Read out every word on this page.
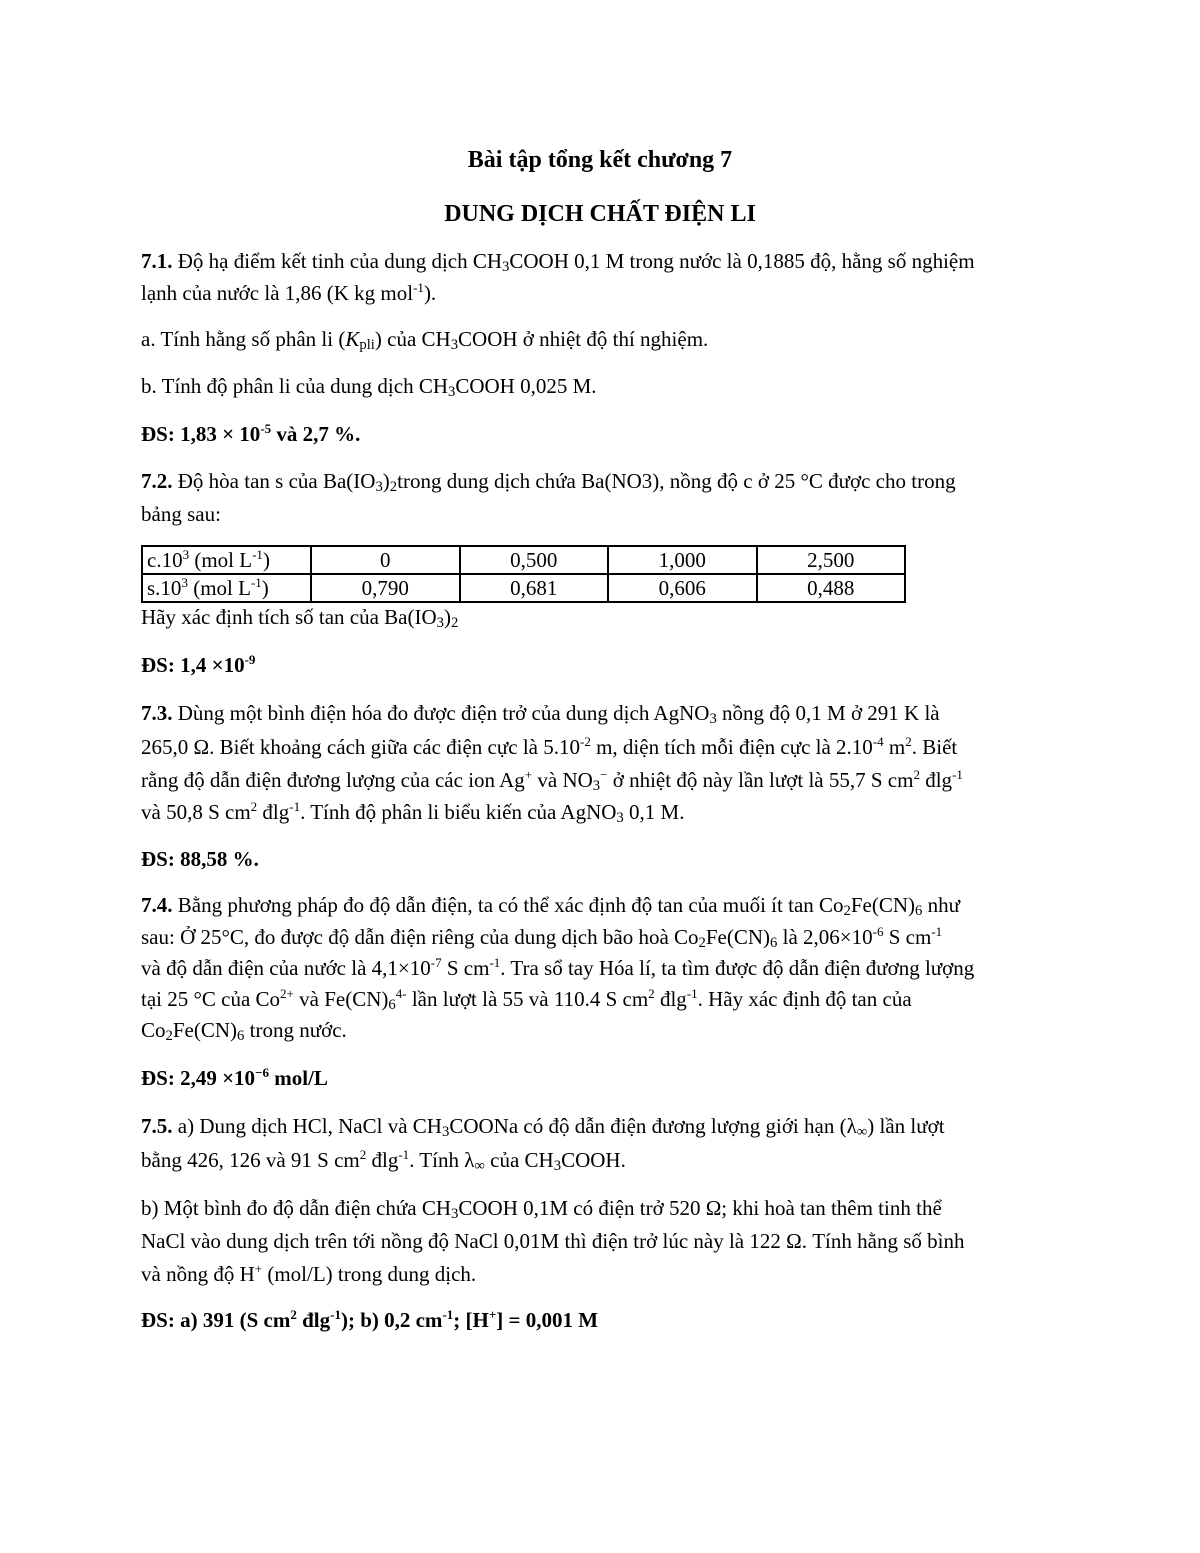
Bài tập tổng kết chương 7
DUNG DỊCH CHẤT ĐIỆN LI
7.1. Độ hạ điểm kết tinh của dung dịch $CH_3COOH$ 0,1 M trong nước là 0,1885 độ, hằng số nghiệm
lạnh của nước là 1,86 (K kg mol$^{-1}$).
a. Tính hằng số phân li $(K_{pli})$ của $CH_3COOH$ ở nhiệt độ thí nghiệm.
b. Tính độ phân li của dung dịch $CH_3COOH$ 0,025 M.
ĐS: $1,83 \times 10^{-5}$ và 2,7 %.
7.2. Độ hòa tan s của $Ba(IO_3)_2trong$ dung dịch chứa Ba(NO3), nồng độ c ở 25 °C được cho trong
bảng sau:
$c.10^3$ (mol $L^{-1}$)	0	0,500	1,000	2,500
$s.10^3$ (mol $L^{-1}$)	0,790	0,681	0,606	0,488
Hãy xác định tích số tan của $Ba(IO_3)_2$
ĐS: $1,4 \times 10^{-9}$
7.3. Dùng một bình điện hóa đo được điện trở của dung dịch AgNO$_3$ nồng độ 0,1 M ở 291 K là
265,0 Ω. Biết khoảng cách giữa các điện cực là $5.10^{-2}$ m, diện tích mỗi điện cực là $2.10^{-4}$ $m^2$. Biết
rằng độ dẫn điện đương lượng của các ion Ag+ và $NO_3^-$ ở nhiệt độ này lần lượt là 55,7 S $cm^2$ đlg$^{-1}$
và 50,8 S $cm^2$ đlg$^{-1}$. Tính độ phân li biểu kiến của AgNO$_3$ 0,1 M.
ĐS: 88,58 %.
7.4. Bằng phương pháp đo độ dẫn điện, ta có thể xác định độ tan của muối ít $\tan Co_2Fe(CN)_6$ như
sau: Ở 25°C, đo được độ dẫn điện riêng của dung dịch bão hoà $Co_2Fe(CN)_6$ là $2,06\times 10^{-6}$ S $cm^{-1}$
và độ dẫn điện của nước là $4,1\times 10^{-7}$ S $cm^{-1}$. Tra sổ tay Hóa lí, ta tìm được độ dẫn điện đương lượng
tại 25 °C của $Co^{2+}$ và $Fe(CN)_6^{4-}$ lần lượt là 55 và 110.4 S $cm^2$ đlg$^{-1}$. Hãy xác định độ tan của
$Co_2Fe(CN)_6$ trong nước.
ĐS: $2,49 \times 10^{-6}$ mol/L
7.5. a) Dung dịch HCl, NaCl và $CH_3COONa$ có độ dẫn điện đương lượng giới hạn $(\lambda_\infty)$ lần lượt
bằng 426, 126 và 91 S $cm^2$ đlg$^{-1}$. Tính $\lambda_\infty$ của $CH_3COOH$.
b) Một bình đo độ dẫn điện chứa $CH_3COOH$ 0,1M có điện trở 520 Ω; khi hoà tan thêm tinh thể
NaCl vào dung dịch trên tới nồng độ NaCl 0,01M thì điện trở lúc này là 122 Ω. Tính hằng số bình
và nồng độ H+ (mol/L) trong dung dịch.
ĐS: a) 391 (S $cm^2$ đlg$^{-1}$); b) 0,2 $cm^{-1}$; [H+] = 0,001 M
